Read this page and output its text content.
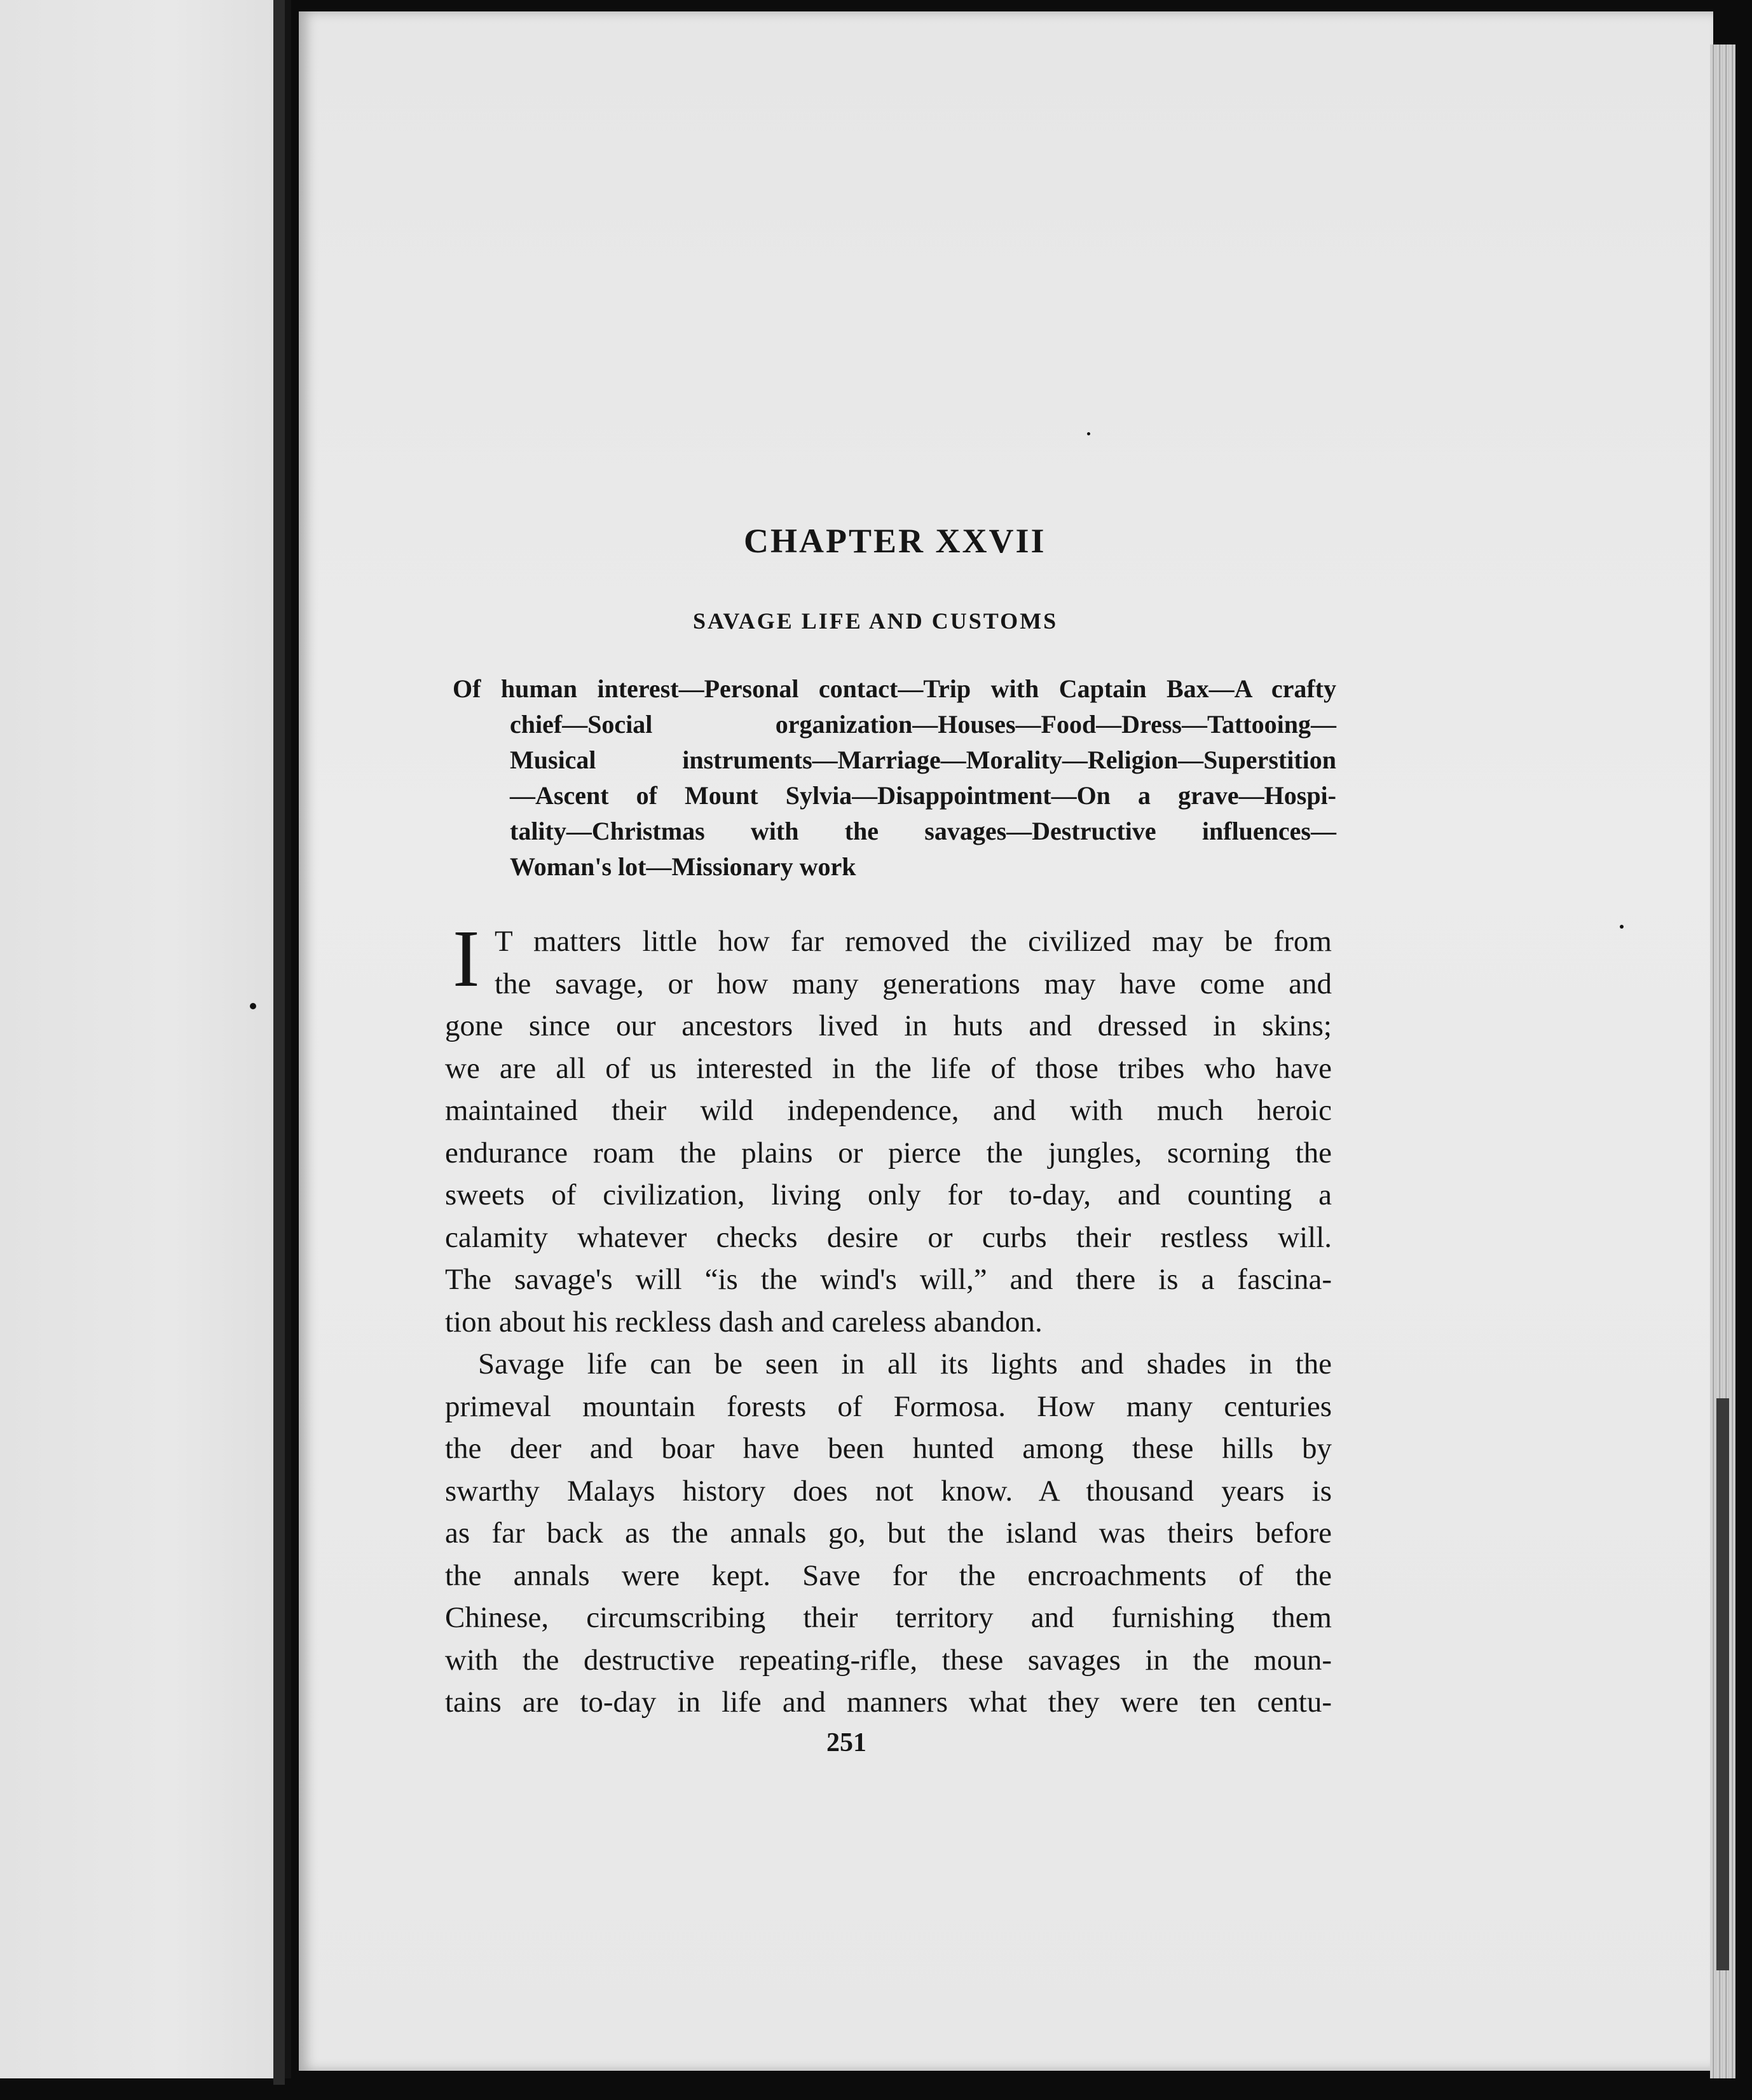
CHAPTER XXVII
SAVAGE LIFE AND CUSTOMS
Of human interest—Personal contact—Trip with Captain Bax—A crafty
chief—Social organization—Houses—Food—Dress—Tattooing—
Musical instruments—Marriage—Morality—Religion—Superstition
—Ascent of Mount Sylvia—Disappointment—On a grave—Hospi-
tality—Christmas with the savages—Destructive influences—
Woman's lot—Missionary work
I T matters little how far removed the civilized may be from
the savage, or how many generations may have come and
gone since our ancestors lived in huts and dressed in skins;
we are all of us interested in the life of those tribes who have
maintained their wild independence, and with much heroic
endurance roam the plains or pierce the jungles, scorning the
sweets of civilization, living only for to-day, and counting a
calamity whatever checks desire or curbs their restless will.
The savage's will “is the wind's will,” and there is a fascina-
tion about his reckless dash and careless abandon.
Savage life can be seen in all its lights and shades in the
primeval mountain forests of Formosa. How many centuries
the deer and boar have been hunted among these hills by
swarthy Malays history does not know. A thousand years is
as far back as the annals go, but the island was theirs before
the annals were kept. Save for the encroachments of the
Chinese, circumscribing their territory and furnishing them
with the destructive repeating-rifle, these savages in the moun-
tains are to-day in life and manners what they were ten centu-
251
